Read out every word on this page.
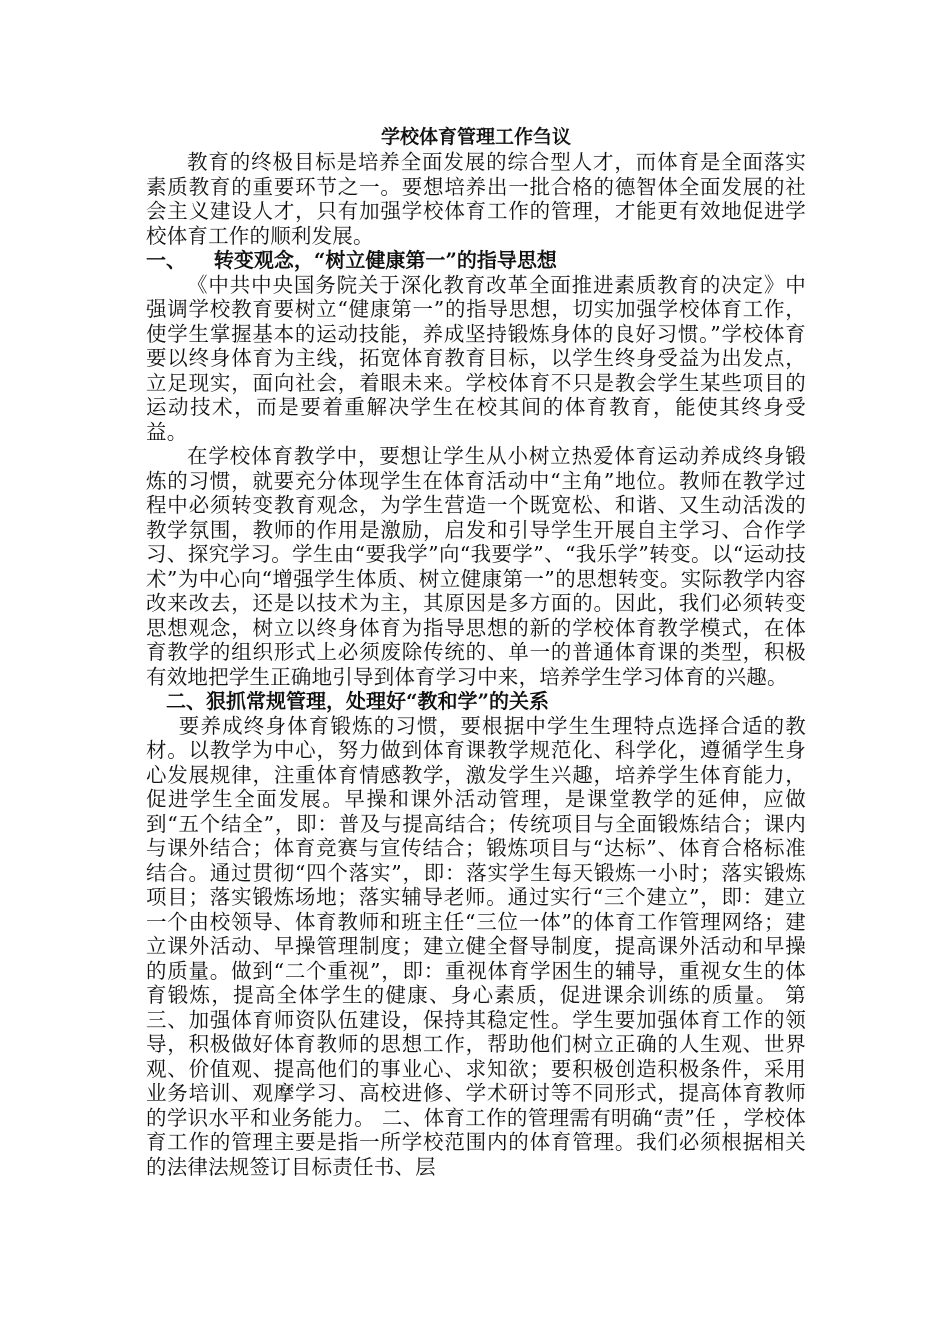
学校体育管理工作刍议

教育的终极目标是培养全面发展的综合型人才，而体育是全面落实素质教育的重要环节之一。要想培养出一批合格的德智体全面发展的社会主义建设人才，只有加强学校体育工作的管理，才能更有效地促进学校体育工作的顺利发展。

一、    转变观念，“树立健康第一”的指导思想

《中共中央国务院关于深化教育改革全面推进素质教育的决定》中强调学校教育要树立“健康第一”的指导思想，切实加强学校体育工作，使学生掌握基本的运动技能，养成坚持锻炼身体的良好习惯。”学校体育要以终身体育为主线，拓宽体育教育目标，以学生终身受益为出发点，立足现实，面向社会，着眼未来。学校体育不只是教会学生某些项目的运动技术，而是要着重解决学生在校其间的体育教育，能使其终身受益。

在学校体育教学中，要想让学生从小树立热爱体育运动养成终身锻炼的习惯，就要充分体现学生在体育活动中“主角”地位。教师在教学过程中必须转变教育观念，为学生营造一个既宽松、和谐、又生动活泼的教学氛围，教师的作用是激励，启发和引导学生开展自主学习、合作学习、探究学习。学生由“要我学”向“我要学”、“我乐学”转变。以“运动技术”为中心向“增强学生体质、树立健康第一”的思想转变。实际教学内容改来改去，还是以技术为主，其原因是多方面的。因此，我们必须转变思想观念，树立以终身体育为指导思想的新的学校体育教学模式，在体育教学的组织形式上必须废除传统的、单一的普通体育课的类型，积极有效地把学生正确地引导到体育学习中来，培养学生学习体育的兴趣。

二、狠抓常规管理，处理好“教和学”的关系

要养成终身体育锻炼的习惯，要根据中学生生理特点选择合适的教材。以教学为中心，努力做到体育课教学规范化、科学化，遵循学生身心发展规律，注重体育情感教学，激发学生兴趣，培养学生体育能力，促进学生全面发展。早操和课外活动管理，是课堂教学的延伸，应做到“五个结全”，即：普及与提高结合；传统项目与全面锻炼结合；课内与课外结合；体育竞赛与宣传结合；锻炼项目与“达标”、体育合格标准结合。通过贯彻“四个落实”，即：落实学生每天锻炼一小时；落实锻炼项目；落实锻炼场地；落实辅导老师。通过实行“三个建立”，即：建立一个由校领导、体育教师和班主任“三位一体”的体育工作管理网络；建立课外活动、早操管理制度；建立健全督导制度，提高课外活动和早操的质量。做到“二个重视”，即：重视体育学困生的辅导，重视女生的体育锻炼，提高全体学生的健康、身心素质，促进课余训练的质量。 第三、加强体育师资队伍建设，保持其稳定性。学生要加强体育工作的领导，积极做好体育教师的思想工作，帮助他们树立正确的人生观、世界观、价值观、提高他们的事业心、求知欲；要积极创造积极条件，采用业务培训、观摩学习、高校进修、学术研讨等不同形式，提高体育教师的学识水平和业务能力。 二、体育工作的管理需有明确“责”任 ，学校体育工作的管理主要是指一所学校范围内的体育管理。我们必须根据相关的法律法规签订目标责任书、层
